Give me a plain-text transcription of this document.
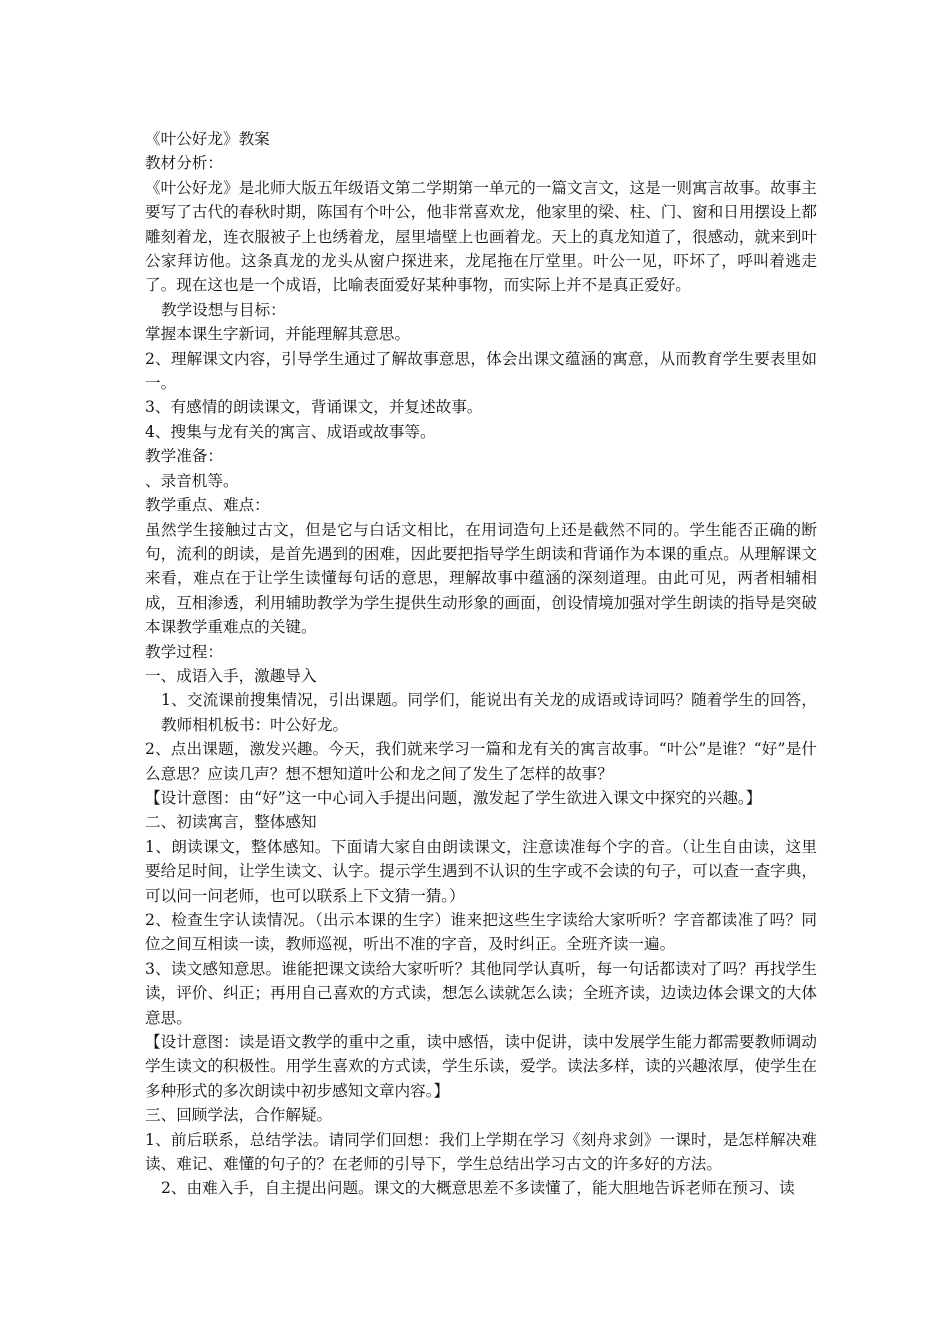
《叶公好龙》教案
教材分析：
《叶公好龙》是北师大版五年级语文第二学期第一单元的一篇文言文，这是一则寓言故事。故事主要写了古代的春秋时期，陈国有个叶公，他非常喜欢龙，他家里的梁、柱、门、窗和日用摆设上都雕刻着龙，连衣服被子上也绣着龙，屋里墙壁上也画着龙。天上的真龙知道了，很感动，就来到叶公家拜访他。这条真龙的龙头从窗户探进来，龙尾拖在厅堂里。叶公一见，吓坏了，呼叫着逃走了。现在这也是一个成语，比喻表面爱好某种事物，而实际上并不是真正爱好。
教学设想与目标：
掌握本课生字新词，并能理解其意思。
2、理解课文内容，引导学生通过了解故事意思，体会出课文蕴涵的寓意，从而教育学生要表里如一。
3、有感情的朗读课文，背诵课文，并复述故事。
4、搜集与龙有关的寓言、成语或故事等。
教学准备：
、录音机等。
教学重点、难点：
虽然学生接触过古文，但是它与白话文相比，在用词造句上还是截然不同的。学生能否正确的断句，流利的朗读，是首先遇到的困难，因此要把指导学生朗读和背诵作为本课的重点。从理解课文来看，难点在于让学生读懂每句话的意思，理解故事中蕴涵的深刻道理。由此可见，两者相辅相成，互相渗透，利用辅助教学为学生提供生动形象的画面，创设情境加强对学生朗读的指导是突破本课教学重难点的关键。
教学过程：
一、成语入手，激趣导入
1、交流课前搜集情况，引出课题。同学们，能说出有关龙的成语或诗词吗？随着学生的回答，教师相机板书：叶公好龙。
2、点出课题，激发兴趣。今天，我们就来学习一篇和龙有关的寓言故事。“叶公”是谁？“好”是什么意思？应读几声？想不想知道叶公和龙之间了发生了怎样的故事？
【设计意图：由“好”这一中心词入手提出问题，激发起了学生欲进入课文中探究的兴趣。】
二、初读寓言，整体感知
1、朗读课文，整体感知。下面请大家自由朗读课文，注意读准每个字的音。（让生自由读，这里要给足时间，让学生读文、认字。提示学生遇到不认识的生字或不会读的句子，可以查一查字典，可以问一问老师，也可以联系上下文猜一猜。）
2、检查生字认读情况。（出示本课的生字）谁来把这些生字读给大家听听？字音都读准了吗？同位之间互相读一读，教师巡视，听出不准的字音，及时纠正。全班齐读一遍。
3、读文感知意思。谁能把课文读给大家听听？其他同学认真听，每一句话都读对了吗？再找学生读，评价、纠正；再用自己喜欢的方式读，想怎么读就怎么读；全班齐读，边读边体会课文的大体意思。
【设计意图：读是语文教学的重中之重，读中感悟，读中促讲，读中发展学生能力都需要教师调动学生读文的积极性。用学生喜欢的方式读，学生乐读，爱学。读法多样，读的兴趣浓厚，使学生在多种形式的多次朗读中初步感知文章内容。】
三、回顾学法，合作解疑。
1、前后联系，总结学法。请同学们回想：我们上学期在学习《刻舟求剑》一课时，是怎样解决难读、难记、难懂的句子的？在老师的引导下，学生总结出学习古文的许多好的方法。
2、由难入手，自主提出问题。课文的大概意思差不多读懂了，能大胆地告诉老师在预习、读
